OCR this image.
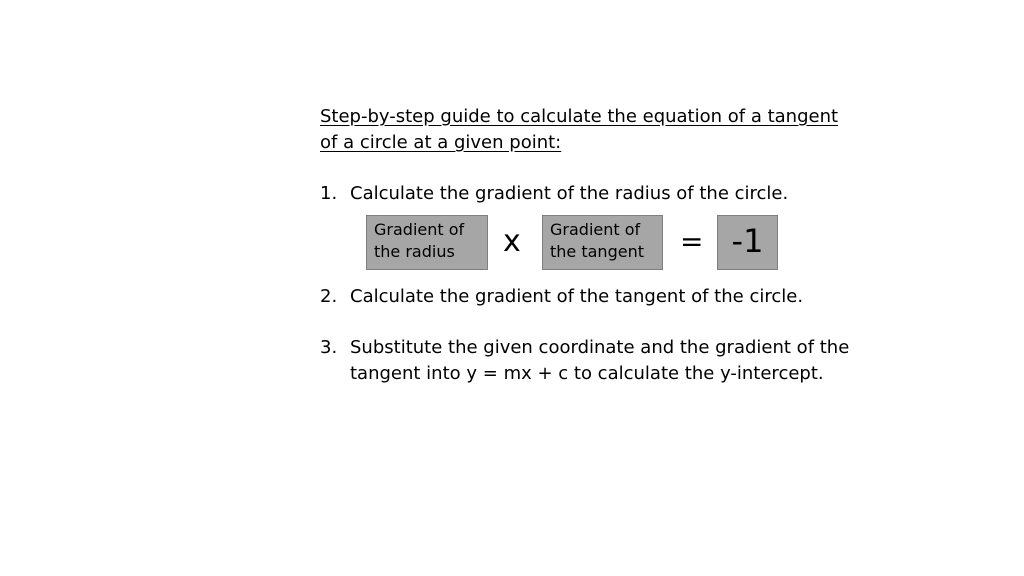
Step-by-step guide to calculate the equation of a tangent of a circle at a given point:
1. Calculate the gradient of the radius of the circle.
Gradient of
the radius	x Gradient of
the tangent	= -1
2. Calculate the gradient of the tangent of the circle.
3. Substitute the given coordinate and the gradient of the tangent into y = mx + c to calculate the y-intercept.
